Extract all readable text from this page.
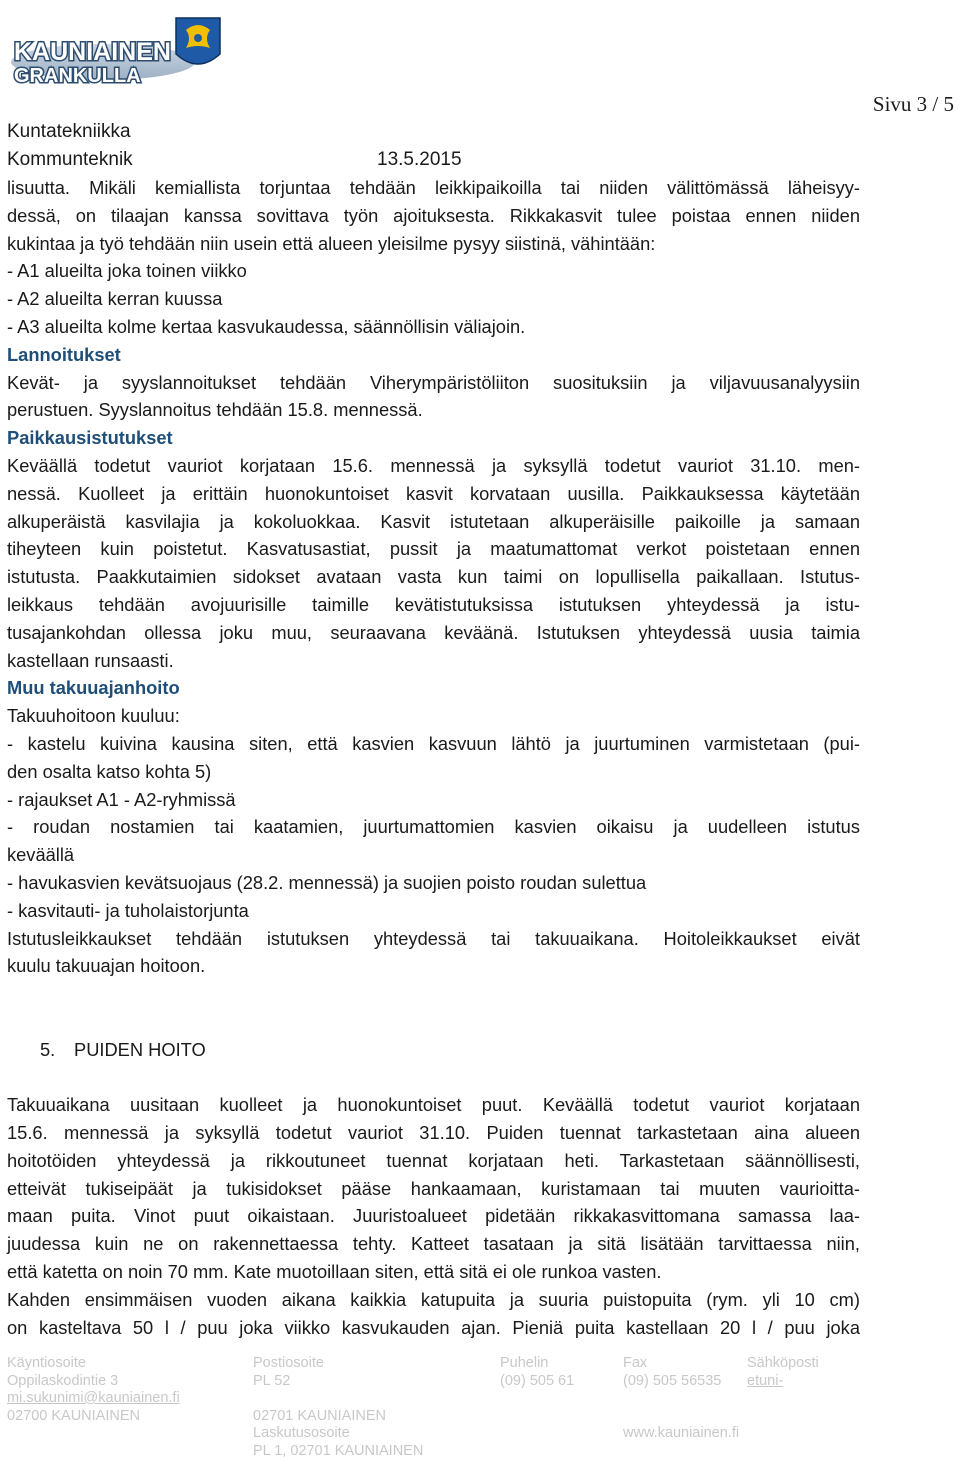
KAUNIAINEN
GRANKULLA
Sivu 3 / 5
Kuntatekniikka
Kommunteknik	13.5.2015
lisuutta. Mikäli kemiallista torjuntaa tehdään leikkipaikoilla tai niiden välittömässä läheisyy-
dessä, on tilaajan kanssa sovittava työn ajoituksesta. Rikkakasvit tulee poistaa ennen niiden
kukintaa ja työ tehdään niin usein että alueen yleisilme pysyy siistinä, vähintään:
- A1 alueilta joka toinen viikko
- A2 alueilta kerran kuussa
- A3 alueilta kolme kertaa kasvukaudessa, säännöllisin väliajoin.
Lannoitukset
Kevät- ja syyslannoitukset tehdään Viherympäristöliiton suosituksiin ja viljavuusanalyysiin
perustuen. Syyslannoitus tehdään 15.8. mennessä.
Paikkausistutukset
Keväällä todetut vauriot korjataan 15.6. mennessä ja syksyllä todetut vauriot 31.10. men-
nessä. Kuolleet ja erittäin huonokuntoiset kasvit korvataan uusilla. Paikkauksessa käytetään
alkuperäistä kasvilajia ja kokoluokkaa. Kasvit istutetaan alkuperäisille paikoille ja samaan
tiheyteen kuin poistetut. Kasvatusastiat, pussit ja maatumattomat verkot poistetaan ennen
istutusta. Paakkutaimien sidokset avataan vasta kun taimi on lopullisella paikallaan. Istutus-
leikkaus tehdään avojuurisille taimille kevätistutuksissa istutuksen yhteydessä ja istu-
tusajankohdan ollessa joku muu, seuraavana keväänä. Istutuksen yhteydessä uusia taimia
kastellaan runsaasti.
Muu takuuajanhoito
Takuuhoitoon kuuluu:
- kastelu kuivina kausina siten, että kasvien kasvuun lähtö ja juurtuminen varmistetaan (pui-
den osalta katso kohta 5)
- rajaukset A1 - A2-ryhmissä
- roudan nostamien tai kaatamien, juurtumattomien kasvien oikaisu ja uudelleen istutus
keväällä
- havukasvien kevätsuojaus (28.2. mennessä) ja suojien poisto roudan sulettua
- kasvitauti- ja tuholaistorjunta
Istutusleikkaukset tehdään istutuksen yhteydessä tai takuuaikana. Hoitoleikkaukset eivät
kuulu takuuajan hoitoon.
5. PUIDEN HOITO
Takuuaikana uusitaan kuolleet ja huonokuntoiset puut. Keväällä todetut vauriot korjataan
15.6. mennessä ja syksyllä todetut vauriot 31.10. Puiden tuennat tarkastetaan aina alueen
hoitotöiden yhteydessä ja rikkoutuneet tuennat korjataan heti. Tarkastetaan säännöllisesti,
etteivät tukiseipäät ja tukisidokset pääse hankaamaan, kuristamaan tai muuten vaurioitta-
maan puita. Vinot puut oikaistaan. Juuristoalueet pidetään rikkakasvittomana samassa laa-
juudessa kuin ne on rakennettaessa tehty. Katteet tasataan ja sitä lisätään tarvittaessa niin,
että katetta on noin 70 mm. Kate muotoillaan siten, että sitä ei ole runkoa vasten.
Kahden ensimmäisen vuoden aikana kaikkia katupuita ja suuria puistopuita (rym. yli 10 cm)
on kasteltava 50 l / puu joka viikko kasvukauden ajan. Pieniä puita kastellaan 20 l / puu joka
Käyntiosoite
Oppilaskodintie 3
mi.sukunimi@kauniainen.fi
02700 KAUNIAINEN
Postiosoite
PL 52
02701 KAUNIAINEN
Laskutusosoite
PL 1, 02701 KAUNIAINEN
Puhelin
(09) 505 61
Fax
(09) 505 56535
www.kauniainen.fi
Sähköposti
etuni-
